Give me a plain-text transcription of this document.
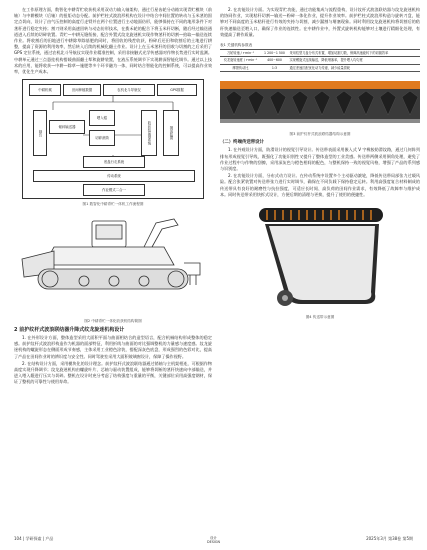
在工作原理方面，数智化中耕青贮收获机采用双动力输入轴架构，通过行星齿轮分动箱实现青贮模块（前轴）与中耕模块（后轴）的扭矩动态分配。前护栏柱式波浪形机构在设计中结合中间位置的转动与玉米茎的固定点切向，设计了由气压控制的高度行走臂并在两个位置进行主动地面仿形，能够保持在不同的地形条件下对茎秆进行稳定夹持；割刀则采用高速回转与动态仿形技术，在拨禾轮的配合下将玉米秆切断，随后经过输送通道进入后续的切碎装置。青贮—中耕无缝衔接，配合外置式纹龙旋迷机实现作物茎秆的切割—拾取—输送连续作业。将收割后的田地进行中耕除草除基肥的同时，将回收的残茬收获，粉碎后还田和收割后的土地进行耕整，提高了资源的利用效率，然后转入后续的机械化翻土作业。设计上在玉米茎秆的回收与切割的之后采用了 GPS 定位系统，通过农机北斗导航仪实现作业精准控制，采用非接触式光学传感器对作物长势进行实时监测。中耕单元通过三点悬挂机构搭载曲面翻土犁和旋耕装置，在液压系统调节下实现耕深智能化调节。通过以上技术的应用，能将收获—中耕—除草—施肥等多个环节融为一体，同时结合智能化的控制系统，可以提高作业效率，优化生产成本。

中耕机械	田间种植数据	农机北斗导航仪	GPS数据
割台
倾斜输送器
喂入辊
切碎滚筒	收获机监测系统	抛送装置
底盘行走系统
传动系统
作业模式二合一
图1 数智化中耕青贮一体机工作流程图
图2 中耕青贮一体化收获机结构简图
2 前护纹杆式波浪联结器升降式纹龙旋迷机构设计

1. 在外形设计方面，整体造型采用大面积平面与曲面相结合的造型语言，配合机械结构形成整体的稳定感。前护纹杆式波浪形构造作为机器的面部特征，利用折线与曲面的对比强调整机的力量感与速度感。纹龙旋迷机构的螺旋形态在侧面形成节奏感，主体采用工业橙色涂装，搭配深灰色底盘，形成强烈的色彩对比，提高了产品在田间作业时的辨识度与安全性。同时驾驶室采用大面积玻璃窗设计，保障了操作视野。

2. 在结构设计方面，采用模块化的设计理念。前护纹杆式波浪联结器通过销轴与主机架相连，可根据作物高度实现升降调节；纹龙旋迷机构由螺旋叶片、芯轴与驱动装置组成，能够将切断的茎秆快速向中部输送，并进入喂入辊进行压实与切碎。整机在设计时充分考虑了结构强度与重量的平衡，关键部位采用高强度钢材，保证了整机的可靠性与使用寿命。

2. 在功能设计方面。为实现青贮功能，通过功能集成与流程重构，设计纹杆式波浪联结器与纹龙旋迷机构的协同作业，实现秸秆切割—输送—粉碎一体化作业，提升作业效率。前护栏柱式波浪形构造与旋转刀盘，能够对不同高度的玉米秸秆进行有效的夹持与切割，减少漏割与堵塞现象。同时利用纹龙旋迷机构将切割后的秸秆快速输送至喂入口，确保了作业的连续性。在中耕作业中，外置式旋转机构能够对土壤进行精细化处理，有效提高了耕作质量。

表1 关键机构参数表
刀轮转速 / r·min⁻¹	1 200~1 500	采用柱型刀盘分布式布置，增加切割刀数，保障高速旋转下的切割效率
纹龙旋转速度 / r·min⁻¹	400~600	实现螺旋式连续输送，降低堵塞率，提升喂入均匀度
摩擦传动比	1:3	通过差速匹配优化动力传递，减少能量损耗
图3 前护纹杆式波浪联结器结构示意图
（二）终端传送带设计

1. 在外观设计方面，防滑设计的视觉引导设计。传送带表面采用嵌入式 V 字橡胶防滑纹路，通过几何阵列排布形成视觉引导线，既强化了功能识别性又提升了整体造型的工业美感。传送带两侧采用倒角处理，避免了作业过程中与作物的刮擦，采用深灰色与橙色相间的配色，与整机保持一致的视觉风格，增强了产品的系列感与识别度。

2. 在功能设计方面，分布式动力设计。在传动系统中设置多个主动驱动滚轮，降低传送带局部张力过载风险。配合张紧装置对传送带张力进行实时调节，确保在不同负载下保持稳定运转。利用高强度复合材料制成的传送带具有良好的耐磨性与抗拉强度，可适应长时间、高负荷的田间作业需求，有效降低了故障率与维护成本。同时传送带采用快拆式设计，方便后期的清理与更换，提升了使用的便捷性。

图4 传送带示意图
104 | 学研探索 | 产品	设计
DESIGN
2025年3月 第38卷 第5期
